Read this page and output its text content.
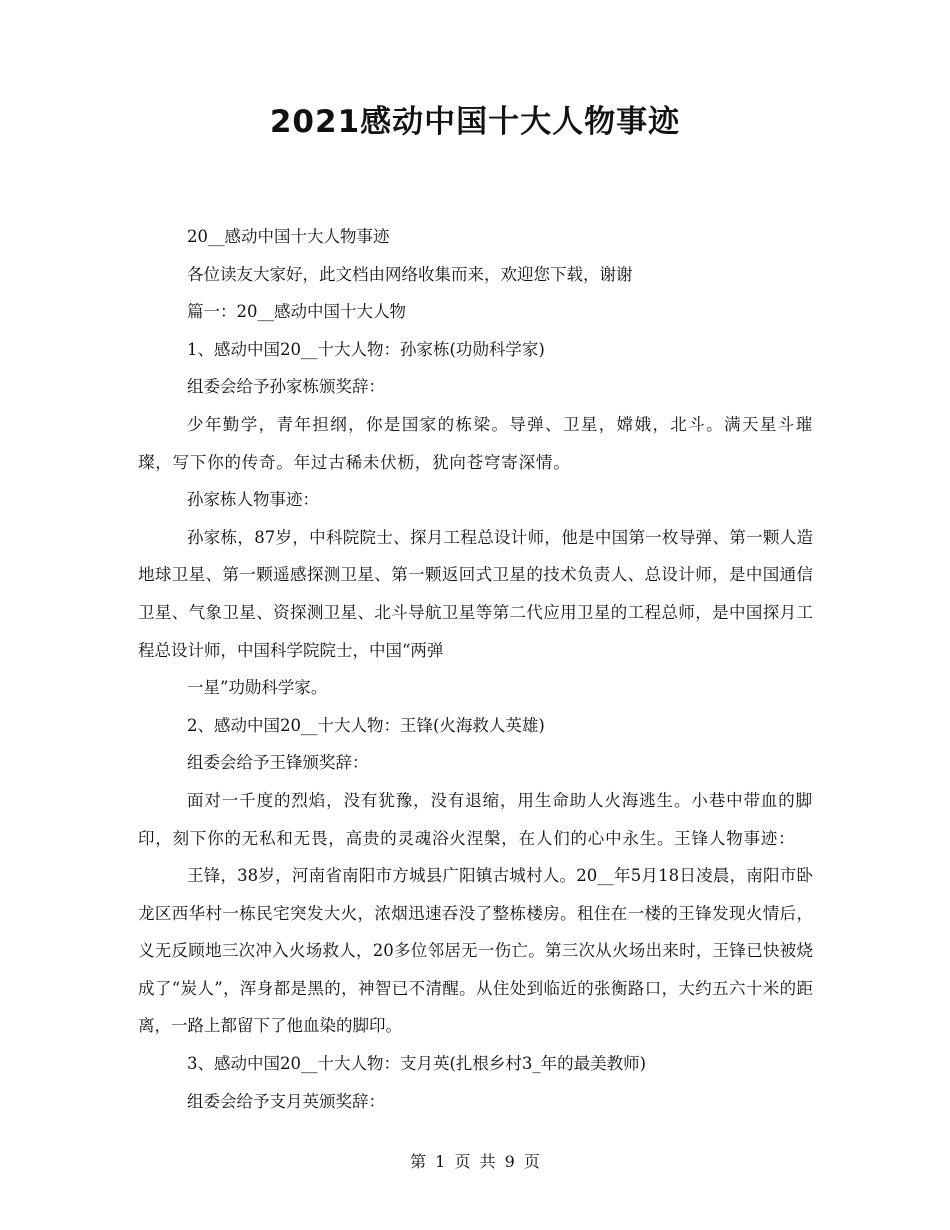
2021感动中国十大人物事迹

20__感动中国十大人物事迹

各位读友大家好，此文档由网络收集而来，欢迎您下载，谢谢

篇一：20__感动中国十大人物

1、感动中国20__十大人物：孙家栋(功勋科学家)

组委会给予孙家栋颁奖辞：

少年勤学，青年担纲，你是国家的栋梁。导弹、卫星，嫦娥，北斗。满天星斗璀璨，写下你的传奇。年过古稀未伏枥，犹向苍穹寄深情。

孙家栋人物事迹：

孙家栋，87岁，中科院院士、探月工程总设计师，他是中国第一枚导弹、第一颗人造地球卫星、第一颗遥感探测卫星、第一颗返回式卫星的技术负责人、总设计师，是中国通信卫星、气象卫星、资探测卫星、北斗导航卫星等第二代应用卫星的工程总师，是中国探月工程总设计师，中国科学院院士，中国“两弹

一星”功勋科学家。

2、感动中国20__十大人物：王锋(火海救人英雄)

组委会给予王锋颁奖辞：

面对一千度的烈焰，没有犹豫，没有退缩，用生命助人火海逃生。小巷中带血的脚印，刻下你的无私和无畏，高贵的灵魂浴火涅槃，在人们的心中永生。王锋人物事迹：

王锋，38岁，河南省南阳市方城县广阳镇古城村人。20__年5月18日凌晨，南阳市卧龙区西华村一栋民宅突发大火，浓烟迅速吞没了整栋楼房。租住在一楼的王锋发现火情后，义无反顾地三次冲入火场救人，20多位邻居无一伤亡。第三次从火场出来时，王锋已快被烧成了“炭人”，浑身都是黑的，神智已不清醒。从住处到临近的张衡路口，大约五六十米的距离，一路上都留下了他血染的脚印。

3、感动中国20__十大人物：支月英(扎根乡村3_年的最美教师)

组委会给予支月英颁奖辞：

第 1 页 共 9 页
